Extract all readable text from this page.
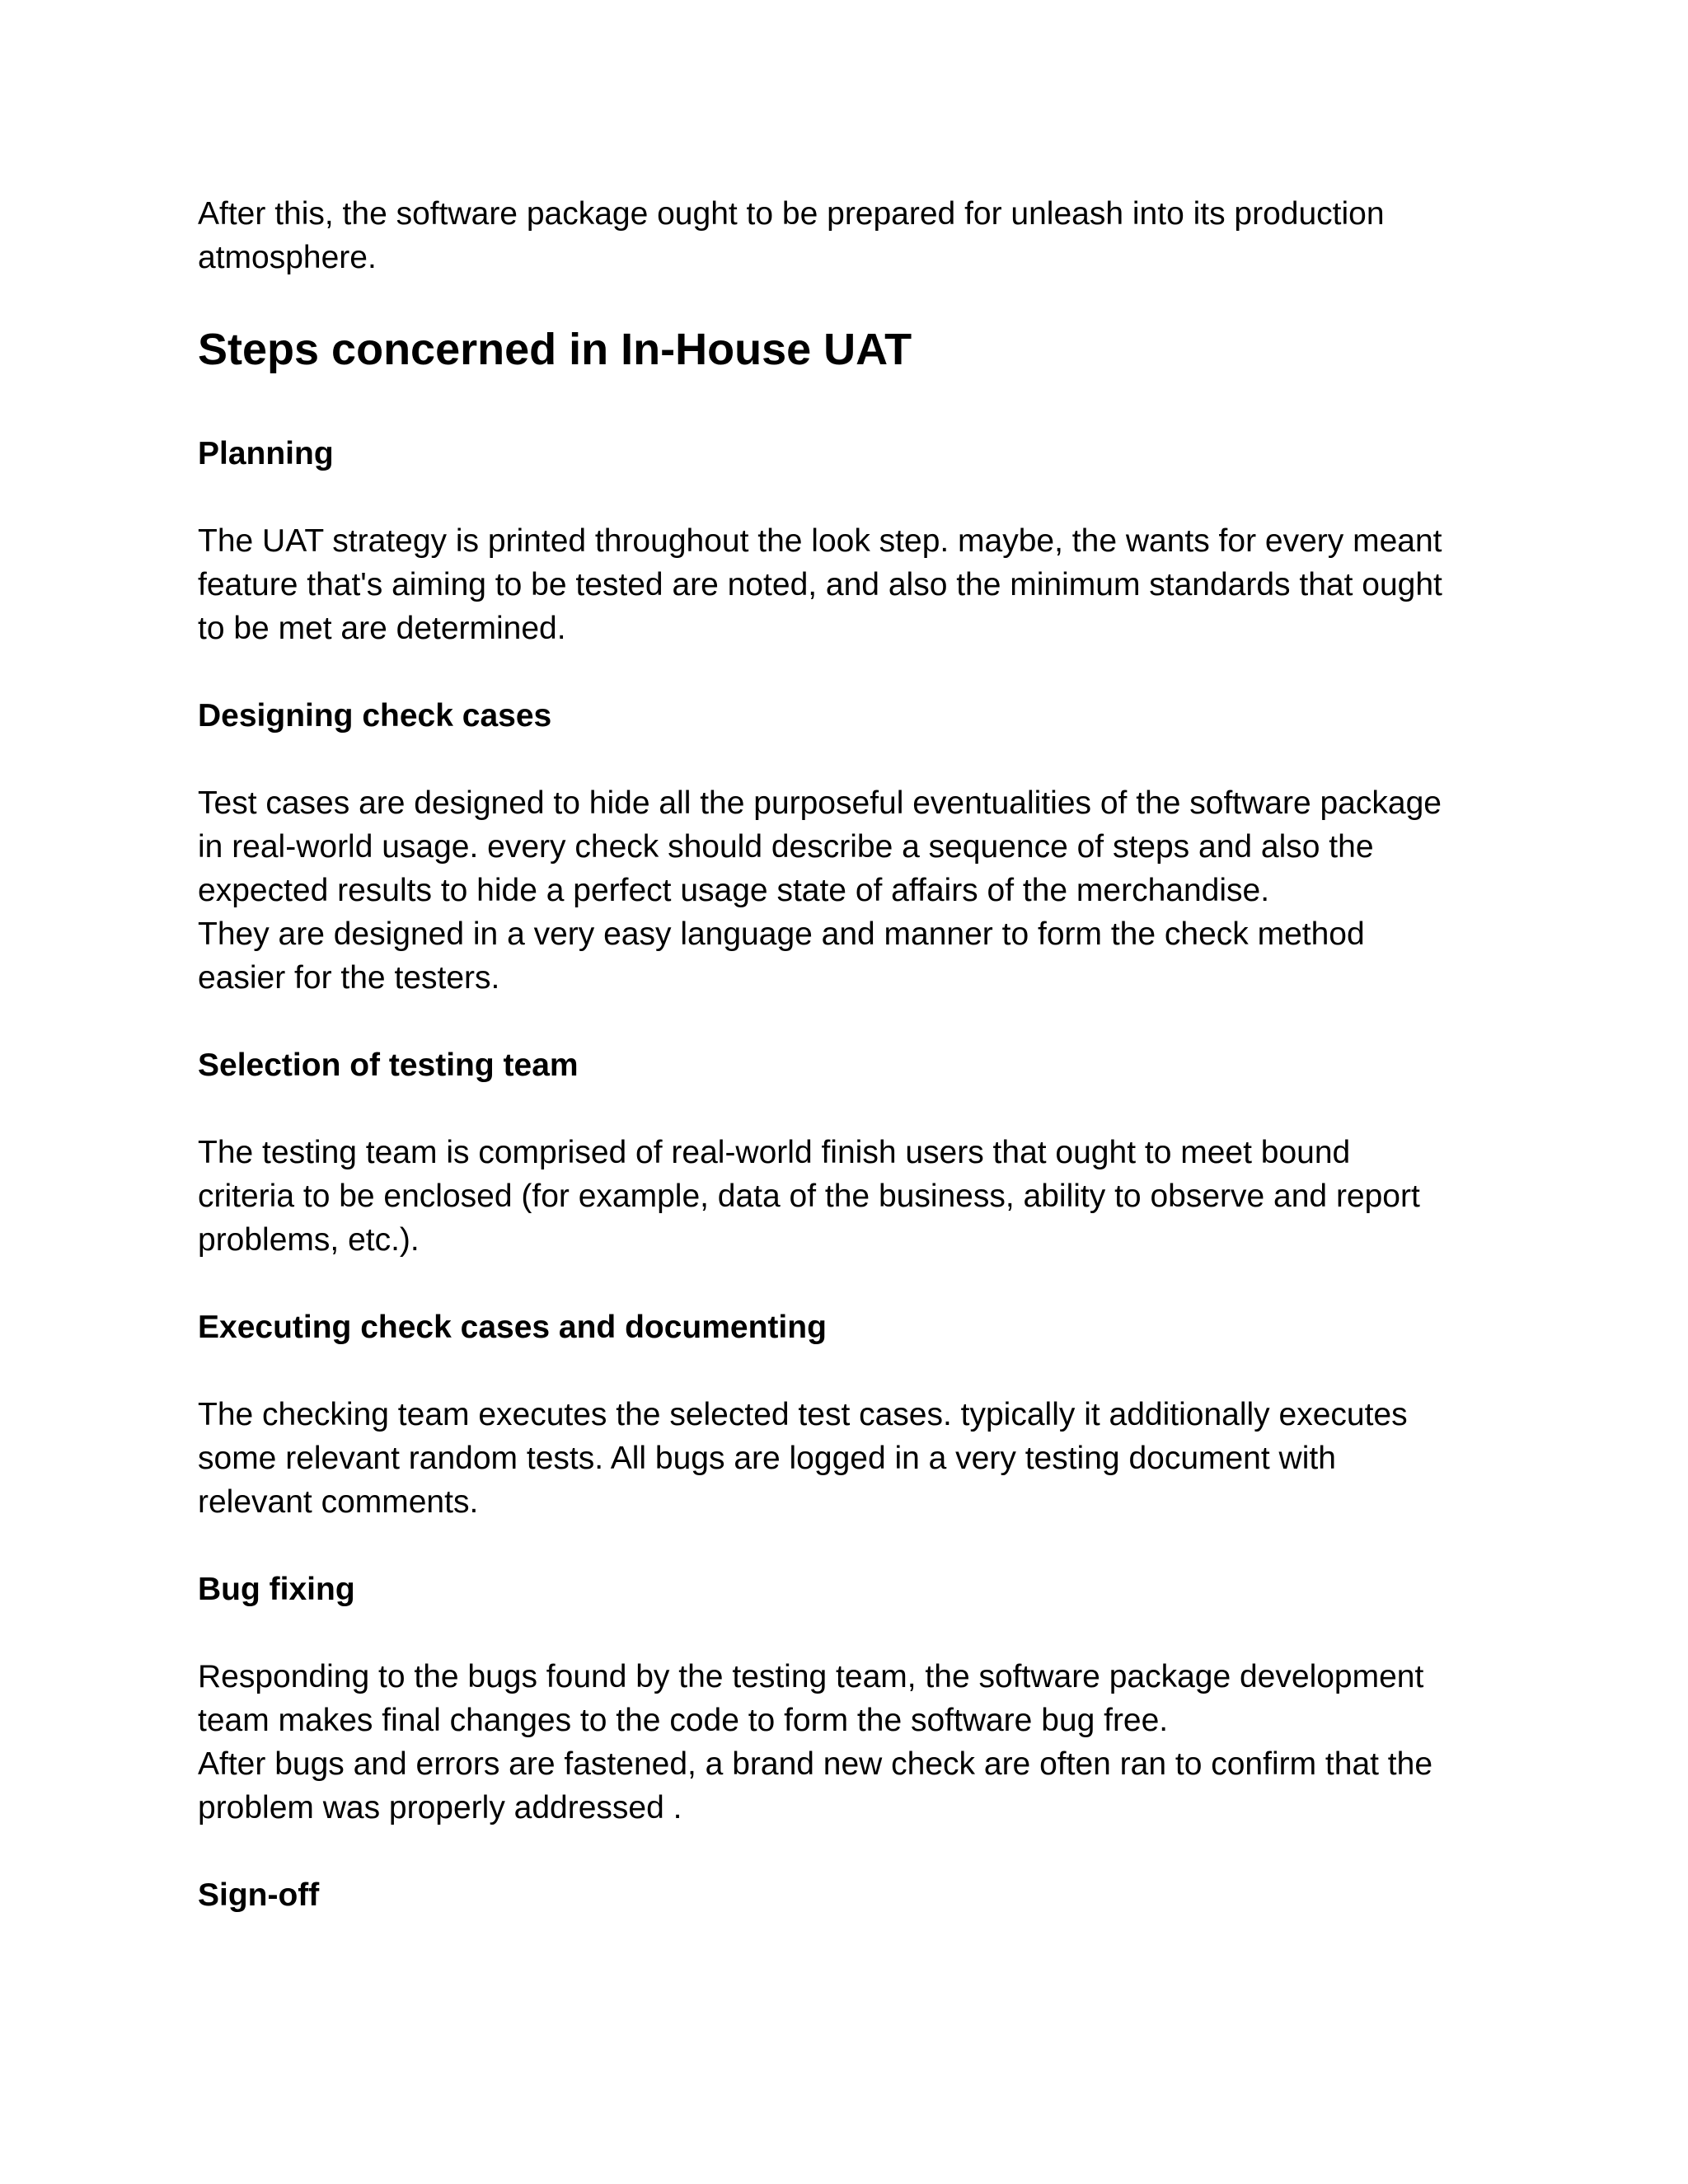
After this, the software package ought to be prepared for unleash into its production
atmosphere.

Steps concerned in In-House UAT
Planning

The UAT strategy is printed throughout the look step. maybe, the wants for every meant
feature that's aiming to be tested are noted, and also the minimum standards that ought
to be met are determined.

Designing check cases

Test cases are designed to hide all the purposeful eventualities of the software package
in real-world usage. every check should describe a sequence of steps and also the
expected results to hide a perfect usage state of affairs of the merchandise.
They are designed in a very easy language and manner to form the check method
easier for the testers.

Selection of testing team

The testing team is comprised of real-world finish users that ought to meet bound
criteria to be enclosed (for example, data of the business, ability to observe and report
problems, etc.).

Executing check cases and documenting

The checking team executes the selected test cases. typically it additionally executes
some relevant random tests. All bugs are logged in a very testing document with
relevant comments.

Bug fixing

Responding to the bugs found by the testing team, the software package development
team makes final changes to the code to form the software bug free.
After bugs and errors are fastened, a brand new check are often ran to confirm that the
problem was properly addressed .

Sign-off
